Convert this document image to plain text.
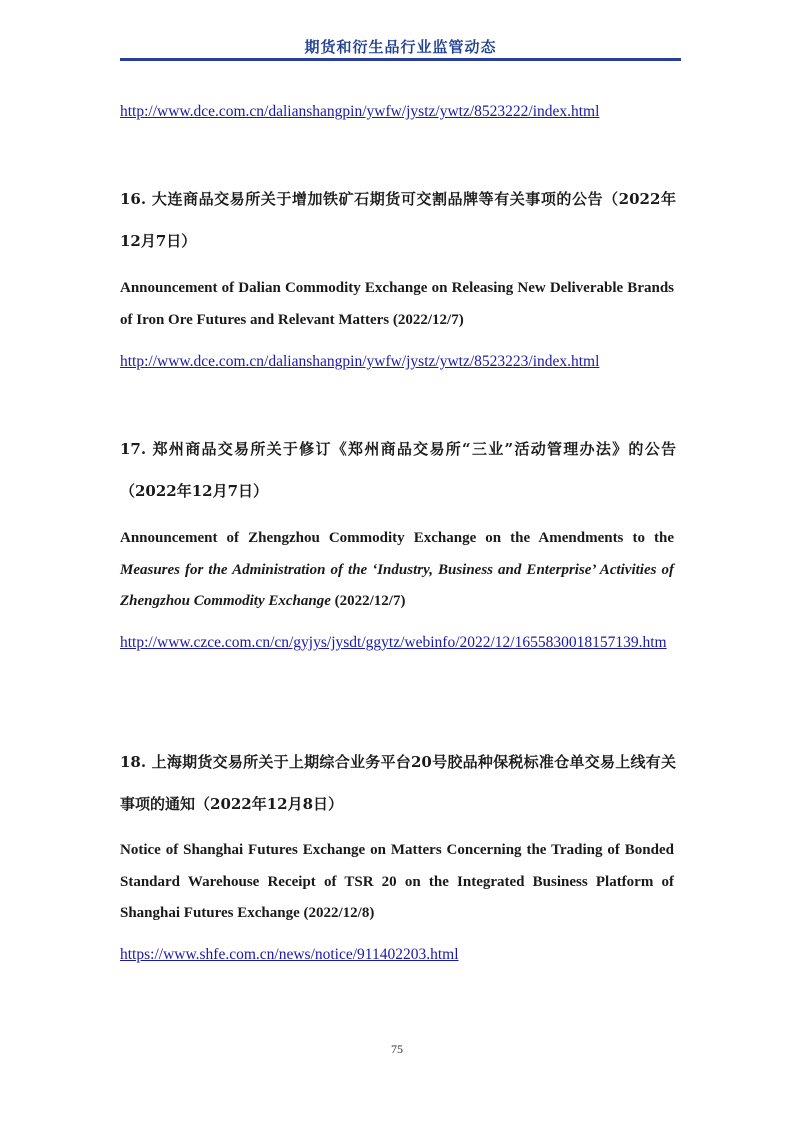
期货和衍生品行业监管动态
http://www.dce.com.cn/dalianshangpin/ywfw/jystz/ywtz/8523222/index.html
16. 大连商品交易所关于增加铁矿石期货可交割品牌等有关事项的公告（2022年12月7日）
Announcement of Dalian Commodity Exchange on Releasing New Deliverable Brands of Iron Ore Futures and Relevant Matters (2022/12/7)
http://www.dce.com.cn/dalianshangpin/ywfw/jystz/ywtz/8523223/index.html
17. 郑州商品交易所关于修订《郑州商品交易所“三业”活动管理办法》的公告（2022年12月7日）
Announcement of Zhengzhou Commodity Exchange on the Amendments to the Measures for the Administration of the ‘Industry, Business and Enterprise’ Activities of Zhengzhou Commodity Exchange (2022/12/7)
http://www.czce.com.cn/cn/gyjys/jysdt/ggytz/webinfo/2022/12/1655830018157139.htm
18. 上海期货交易所关于上期综合业务平台20号胶品种保税标准仓单交易上线有关事项的通知（2022年12月8日）
Notice of Shanghai Futures Exchange on Matters Concerning the Trading of Bonded Standard Warehouse Receipt of TSR 20 on the Integrated Business Platform of Shanghai Futures Exchange (2022/12/8)
https://www.shfe.com.cn/news/notice/911402203.html
75
